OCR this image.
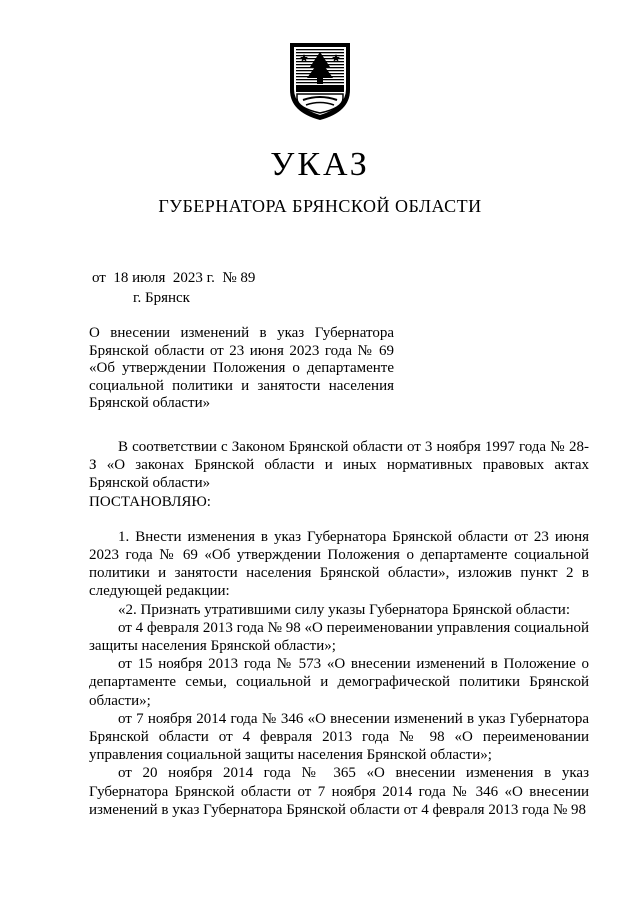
УКАЗ
ГУБЕРНАТОРА БРЯНСКОЙ ОБЛАСТИ
от  18 июля  2023 г.  № 89
г. Брянск

О внесении изменений в указ Губернатора Брянской области от 23 июня 2023 года № 69 «Об утверждении Положения о департаменте социальной политики и занятости населения Брянской области»

В соответствии с Законом Брянской области от 3 ноября 1997 года № 28-З «О законах Брянской области и иных нормативных правовых актах Брянской области»

ПОСТАНОВЛЯЮ:

1. Внести изменения в указ Губернатора Брянской области от 23 июня 2023 года № 69 «Об утверждении Положения о департаменте социальной политики и занятости населения Брянской области», изложив пункт 2 в следующей редакции:

«2. Признать утратившими силу указы Губернатора Брянской области:

от 4 февраля 2013 года № 98 «О переименовании управления социальной защиты населения Брянской области»;

от 15 ноября 2013 года № 573 «О внесении изменений в Положение о департаменте семьи, социальной и демографической политики Брянской области»;

от 7 ноября 2014 года № 346 «О внесении изменений в указ Губернатора Брянской области от 4 февраля 2013 года № 98 «О переименовании управления социальной защиты населения Брянской области»;

от 20 ноября 2014 года № 365 «О внесении изменения в указ Губернатора Брянской области от 7 ноября 2014 года № 346 «О внесении изменений в указ Губернатора Брянской области от 4 февраля 2013 года № 98
